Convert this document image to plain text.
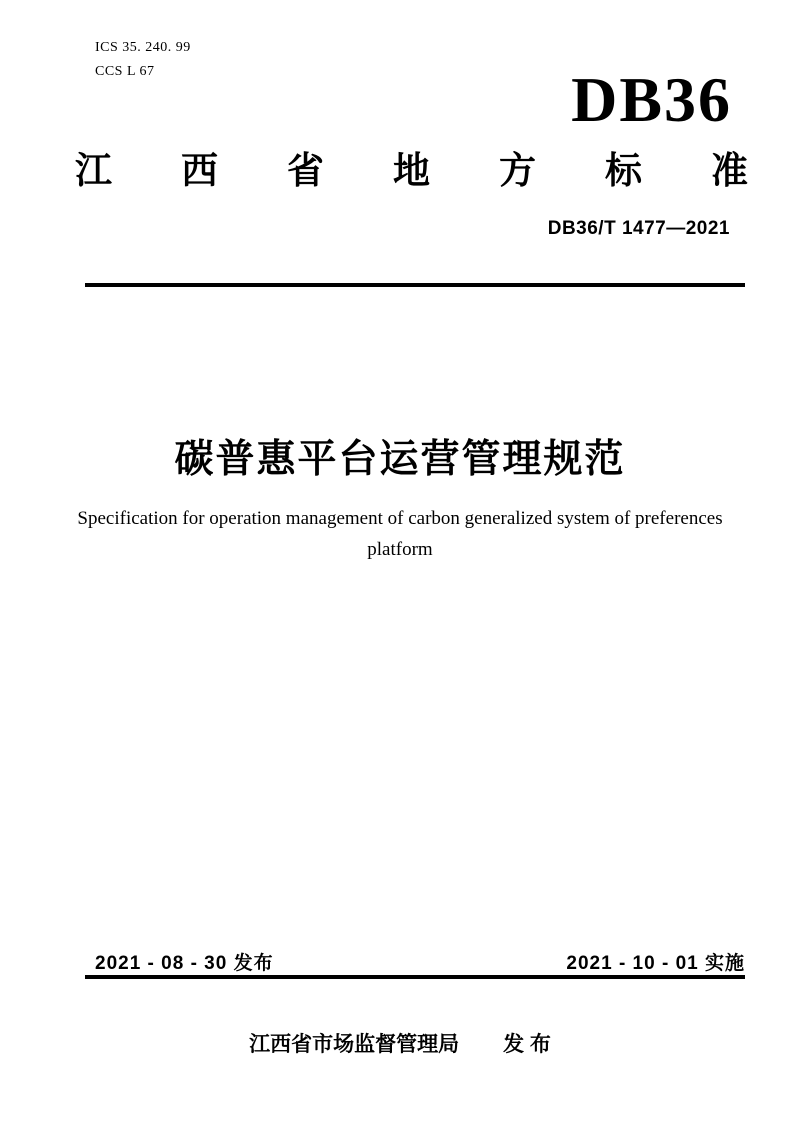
ICS 35. 240. 99
CCS L 67	DB36
江 西 省 地 方 标 准
DB36/T 1477—2021
碳普惠平台运营管理规范
Specification for operation management of carbon generalized system of preferences
platform
2021 - 08 - 30 发布	2021 - 10 - 01 实施
江西省市场监督管理局 发 布
